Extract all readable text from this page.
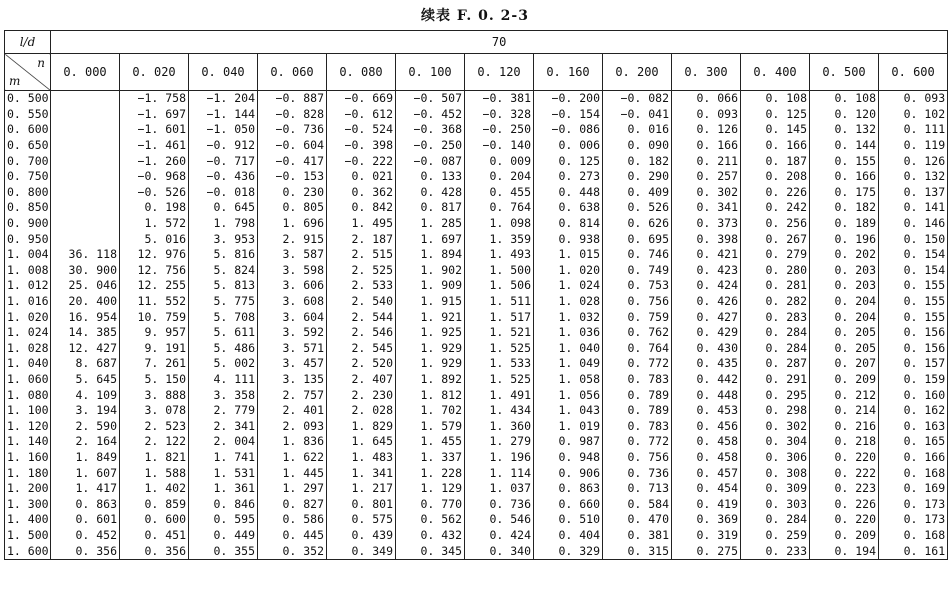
续表 F. 0. 2-3
l/d	70												

n
m	0. 000	0. 020	0. 040	0. 060	0. 080	0. 100	0. 120	0. 160	0. 200	0. 300	0. 400	0. 500	0. 600
0. 500		−1. 758	−1. 204	−0. 887	−0. 669	−0. 507	−0. 381	−0. 200	−0. 082	0. 066	0. 108	0. 108	0. 093
0. 550		−1. 697	−1. 144	−0. 828	−0. 612	−0. 452	−0. 328	−0. 154	−0. 041	0. 093	0. 125	0. 120	0. 102
0. 600		−1. 601	−1. 050	−0. 736	−0. 524	−0. 368	−0. 250	−0. 086	0. 016	0. 126	0. 145	0. 132	0. 111
0. 650		−1. 461	−0. 912	−0. 604	−0. 398	−0. 250	−0. 140	0. 006	0. 090	0. 166	0. 166	0. 144	0. 119
0. 700		−1. 260	−0. 717	−0. 417	−0. 222	−0. 087	0. 009	0. 125	0. 182	0. 211	0. 187	0. 155	0. 126
0. 750		−0. 968	−0. 436	−0. 153	0. 021	0. 133	0. 204	0. 273	0. 290	0. 257	0. 208	0. 166	0. 132
0. 800		−0. 526	−0. 018	0. 230	0. 362	0. 428	0. 455	0. 448	0. 409	0. 302	0. 226	0. 175	0. 137
0. 850		0. 198	0. 645	0. 805	0. 842	0. 817	0. 764	0. 638	0. 526	0. 341	0. 242	0. 182	0. 141
0. 900		1. 572	1. 798	1. 696	1. 495	1. 285	1. 098	0. 814	0. 626	0. 373	0. 256	0. 189	0. 146
0. 950		5. 016	3. 953	2. 915	2. 187	1. 697	1. 359	0. 938	0. 695	0. 398	0. 267	0. 196	0. 150
1. 004	36. 118	12. 976	5. 816	3. 587	2. 515	1. 894	1. 493	1. 015	0. 746	0. 421	0. 279	0. 202	0. 154
1. 008	30. 900	12. 756	5. 824	3. 598	2. 525	1. 902	1. 500	1. 020	0. 749	0. 423	0. 280	0. 203	0. 154
1. 012	25. 046	12. 255	5. 813	3. 606	2. 533	1. 909	1. 506	1. 024	0. 753	0. 424	0. 281	0. 203	0. 155
1. 016	20. 400	11. 552	5. 775	3. 608	2. 540	1. 915	1. 511	1. 028	0. 756	0. 426	0. 282	0. 204	0. 155
1. 020	16. 954	10. 759	5. 708	3. 604	2. 544	1. 921	1. 517	1. 032	0. 759	0. 427	0. 283	0. 204	0. 155
1. 024	14. 385	9. 957	5. 611	3. 592	2. 546	1. 925	1. 521	1. 036	0. 762	0. 429	0. 284	0. 205	0. 156
1. 028	12. 427	9. 191	5. 486	3. 571	2. 545	1. 929	1. 525	1. 040	0. 764	0. 430	0. 284	0. 205	0. 156
1. 040	8. 687	7. 261	5. 002	3. 457	2. 520	1. 929	1. 533	1. 049	0. 772	0. 435	0. 287	0. 207	0. 157
1. 060	5. 645	5. 150	4. 111	3. 135	2. 407	1. 892	1. 525	1. 058	0. 783	0. 442	0. 291	0. 209	0. 159
1. 080	4. 109	3. 888	3. 358	2. 757	2. 230	1. 812	1. 491	1. 056	0. 789	0. 448	0. 295	0. 212	0. 160
1. 100	3. 194	3. 078	2. 779	2. 401	2. 028	1. 702	1. 434	1. 043	0. 789	0. 453	0. 298	0. 214	0. 162
1. 120	2. 590	2. 523	2. 341	2. 093	1. 829	1. 579	1. 360	1. 019	0. 783	0. 456	0. 302	0. 216	0. 163
1. 140	2. 164	2. 122	2. 004	1. 836	1. 645	1. 455	1. 279	0. 987	0. 772	0. 458	0. 304	0. 218	0. 165
1. 160	1. 849	1. 821	1. 741	1. 622	1. 483	1. 337	1. 196	0. 948	0. 756	0. 458	0. 306	0. 220	0. 166
1. 180	1. 607	1. 588	1. 531	1. 445	1. 341	1. 228	1. 114	0. 906	0. 736	0. 457	0. 308	0. 222	0. 168
1. 200	1. 417	1. 402	1. 361	1. 297	1. 217	1. 129	1. 037	0. 863	0. 713	0. 454	0. 309	0. 223	0. 169
1. 300	0. 863	0. 859	0. 846	0. 827	0. 801	0. 770	0. 736	0. 660	0. 584	0. 419	0. 303	0. 226	0. 173
1. 400	0. 601	0. 600	0. 595	0. 586	0. 575	0. 562	0. 546	0. 510	0. 470	0. 369	0. 284	0. 220	0. 173
1. 500	0. 452	0. 451	0. 449	0. 445	0. 439	0. 432	0. 424	0. 404	0. 381	0. 319	0. 259	0. 209	0. 168
1. 600	0. 356	0. 356	0. 355	0. 352	0. 349	0. 345	0. 340	0. 329	0. 315	0. 275	0. 233	0. 194	0. 161
